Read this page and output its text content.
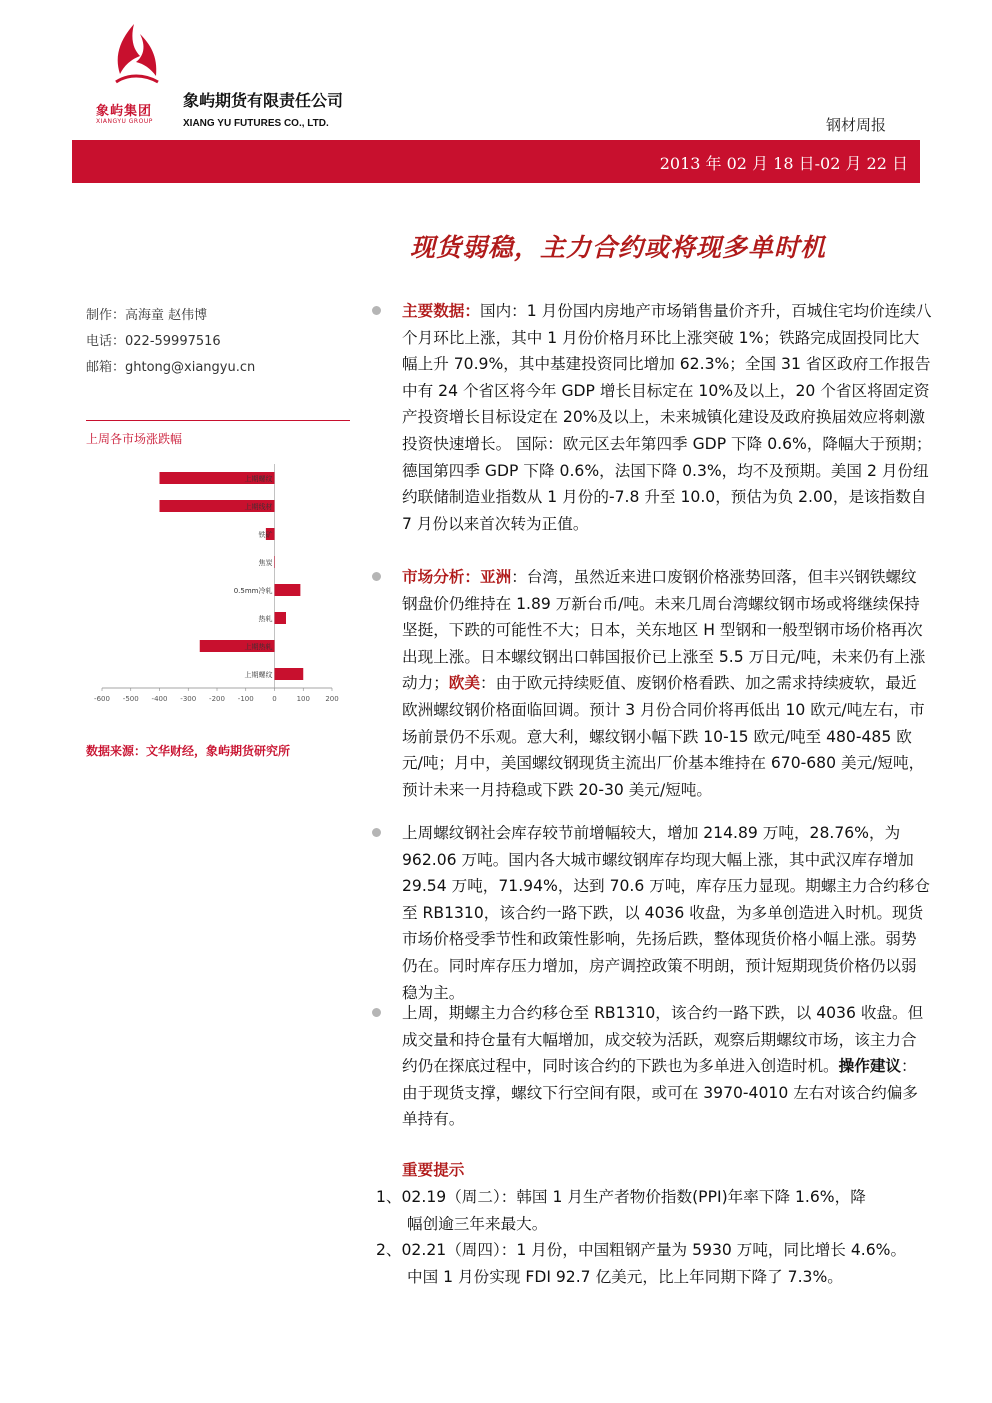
象屿集团
XIANGYU GROUP
象屿期货有限责任公司
XIANG YU FUTURES CO., LTD.	钢材周报
2013 年 02 月 18 日-02 月 22 日
现货弱稳，主力合约或将现多单时机
制作：高海童 赵伟博
电话：022-59997516
邮箱：ghtong@xiangyu.cn
上周各市场涨跌幅
上期螺纹
上期线材
铁矿
焦炭
0.5mm冷轧
热轧
上期热轧
上期螺纹
-600 -500 -400 -300 -200 -100	0	100 200
数据来源：文华财经，象屿期货研究所

主要数据：国内：1 月份国内房地产市场销售量价齐升，百城住宅均价连续八个月环比上涨，其中 1 月份价格月环比上涨突破 1%；铁路完成固投同比大幅上升 70.9%，其中基建投资同比增加 62.3%；全国 31 省区政府工作报告中有 24 个省区将今年 GDP 增长目标定在 10%及以上，20 个省区将固定资产投资增长目标设定在 20%及以上，未来城镇化建设及政府换届效应将刺激投资快速增长。 国际：欧元区去年第四季 GDP 下降 0.6%，降幅大于预期；德国第四季 GDP 下降 0.6%，法国下降 0.3%，均不及预期。美国 2 月份纽约联储制造业指数从 1 月份的-7.8 升至 10.0，预估为负 2.00，是该指数自 7 月份以来首次转为正值。

市场分析：亚洲：台湾，虽然近来进口废钢价格涨势回落，但丰兴钢铁螺纹钢盘价仍维持在 1.89 万新台币/吨。未来几周台湾螺纹钢市场或将继续保持坚挺，下跌的可能性不大；日本，关东地区 H 型钢和一般型钢市场价格再次出现上涨。日本螺纹钢出口韩国报价已上涨至 5.5 万日元/吨，未来仍有上涨动力；欧美：由于欧元持续贬值、废钢价格看跌、加之需求持续疲软，最近欧洲螺纹钢价格面临回调。预计 3 月份合同价将再低出 10 欧元/吨左右，市场前景仍不乐观。意大利，螺纹钢小幅下跌 10-15 欧元/吨至 480-485 欧元/吨；月中，美国螺纹钢现货主流出厂价基本维持在 670-680 美元/短吨，预计未来一月持稳或下跌 20-30 美元/短吨。

上周螺纹钢社会库存较节前增幅较大，增加 214.89 万吨，28.76%，为 962.06 万吨。国内各大城市螺纹钢库存均现大幅上涨，其中武汉库存增加 29.54 万吨，71.94%，达到 70.6 万吨，库存压力显现。期螺主力合约移仓至 RB1310，该合约一路下跌，以 4036 收盘，为多单创造进入时机。现货市场价格受季节性和政策性影响，先扬后跌，整体现货价格小幅上涨。弱势仍在。同时库存压力增加，房产调控政策不明朗，预计短期现货价格仍以弱稳为主。

上周，期螺主力合约移仓至 RB1310，该合约一路下跌，以 4036 收盘。但成交量和持仓量有大幅增加，成交较为活跃，观察后期螺纹市场，该主力合约仍在探底过程中，同时该合约的下跌也为多单进入创造时机。操作建议：由于现货支撑，螺纹下行空间有限，或可在 3970-4010 左右对该合约偏多单持有。

重要提示
1、02.19（周二）：韩国 1 月生产者物价指数(PPI)年率下降 1.6%，降
幅创逾三年来最大。
2、02.21（周四）：1 月份，中国粗钢产量为 5930 万吨，同比增长 4.6%。
中国 1 月份实现 FDI 92.7 亿美元，比上年同期下降了 7.3%。
